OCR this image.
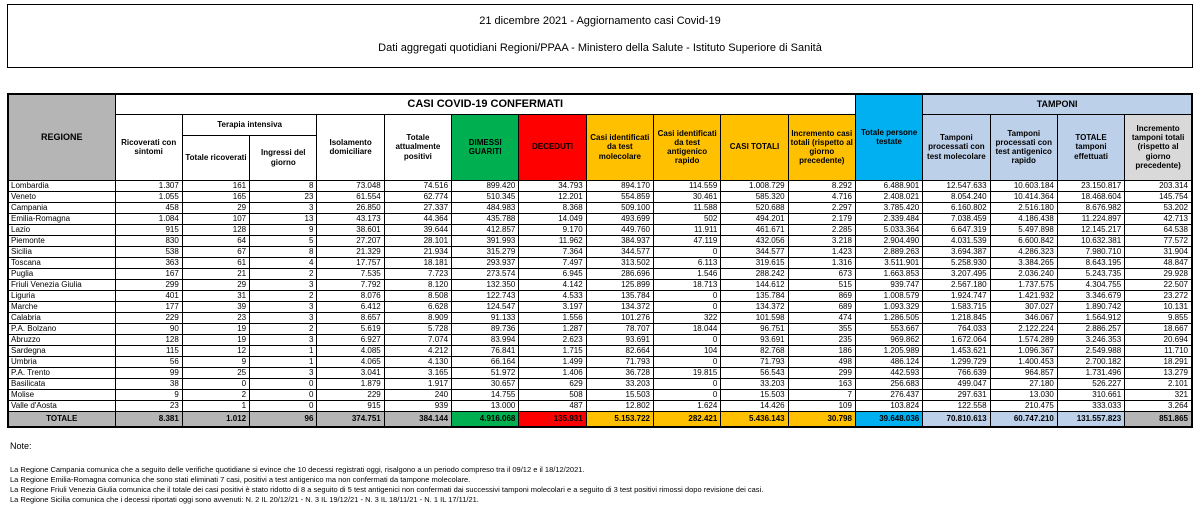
21 dicembre 2021 - Aggiornamento casi Covid-19
Dati aggregati quotidiani Regioni/PPAA - Ministero della Salute - Istituto Superiore di Sanità
REGIONE	CASI COVID-19 CONFERMATI											Totale persone testate	TAMPONI			
	Ricoverati con sintomi	Terapia intensiva		Isolamento domiciliare	Totale attualmente positivi	DIMESSI GUARITI	DECEDUTI	Casi identificati da test molecolare	Casi identificati da test antigenico rapido	CASI TOTALI	Incremento casi totali (rispetto al giorno precedente)		Tamponi processati con test molecolare	Tamponi processati con test antigenico rapido	TOTALE tamponi effettuati	Incremento tamponi totali (rispetto al giorno precedente)
		Totale ricoverati	Ingressi del giorno													
Lombardia	1.307	161	8	73.048	74.516	899.420	34.793	894.170	114.559	1.008.729	8.292	6.488.901	12.547.633	10.603.184	23.150.817	203.314
Veneto	1.055	165	23	61.554	62.774	510.345	12.201	554.859	30.461	585.320	4.716	2.408.021	8.054.240	10.414.364	18.468.604	145.754
Campania	458	29	3	26.850	27.337	484.983	8.368	509.100	11.588	520.688	2.297	3.785.420	6.160.802	2.516.180	8.676.982	53.202
Emilia-Romagna	1.084	107	13	43.173	44.364	435.788	14.049	493.699	502	494.201	2.179	2.339.484	7.038.459	4.186.438	11.224.897	42.713
Lazio	915	128	9	38.601	39.644	412.857	9.170	449.760	11.911	461.671	2.285	5.033.364	6.647.319	5.497.898	12.145.217	64.538
Piemonte	830	64	5	27.207	28.101	391.993	11.962	384.937	47.119	432.056	3.218	2.904.490	4.031.539	6.600.842	10.632.381	77.572
Sicilia	538	67	8	21.329	21.934	315.279	7.364	344.577	0	344.577	1.423	2.889.263	3.694.387	4.286.323	7.980.710	31.904
Toscana	363	61	4	17.757	18.181	293.937	7.497	313.502	6.113	319.615	1.316	3.511.901	5.258.930	3.384.265	8.643.195	48.847
Puglia	167	21	2	7.535	7.723	273.574	6.945	286.696	1.546	288.242	673	1.663.853	3.207.495	2.036.240	5.243.735	29.928
Friuli Venezia Giulia	299	29	3	7.792	8.120	132.350	4.142	125.899	18.713	144.612	515	939.747	2.567.180	1.737.575	4.304.755	22.507
Liguria	401	31	2	8.076	8.508	122.743	4.533	135.784	0	135.784	869	1.008.579	1.924.747	1.421.932	3.346.679	23.272
Marche	177	39	3	6.412	6.628	124.547	3.197	134.372	0	134.372	689	1.093.329	1.583.715	307.027	1.890.742	10.131
Calabria	229	23	3	8.657	8.909	91.133	1.556	101.276	322	101.598	474	1.286.505	1.218.845	346.067	1.564.912	9.855
P.A. Bolzano	90	19	2	5.619	5.728	89.736	1.287	78.707	18.044	96.751	355	553.667	764.033	2.122.224	2.886.257	18.667
Abruzzo	128	19	3	6.927	7.074	83.994	2.623	93.691	0	93.691	235	969.862	1.672.064	1.574.289	3.246.353	20.694
Sardegna	115	12	1	4.085	4.212	76.841	1.715	82.664	104	82.768	186	1.205.989	1.453.621	1.096.367	2.549.988	11.710
Umbria	56	9	1	4.065	4.130	66.164	1.499	71.793	0	71.793	498	486.124	1.299.729	1.400.453	2.700.182	18.291
P.A. Trento	99	25	3	3.041	3.165	51.972	1.406	36.728	19.815	56.543	299	442.593	766.639	964.857	1.731.496	13.279
Basilicata	38	0	0	1.879	1.917	30.657	629	33.203	0	33.203	163	256.683	499.047	27.180	526.227	2.101
Molise	9	2	0	229	240	14.755	508	15.503	0	15.503	7	276.437	297.631	13.030	310.661	321
Valle d'Aosta	23	1	0	915	939	13.000	487	12.802	1.624	14.426	109	103.824	122.558	210.475	333.033	3.264
TOTALE	8.381	1.012	96	374.751	384.144	4.916.068	135.931	5.153.722	282.421	5.436.143	30.798	39.648.036	70.810.613	60.747.210	131.557.823	851.865
Note:
La Regione Campania comunica che a seguito delle verifiche quotidiane si evince che 10 decessi registrati oggi, risalgono a un periodo compreso tra il 09/12 e il 18/12/2021.
La Regione Emilia-Romagna comunica che sono stati eliminati 7 casi, positivi a test antigenico ma non confermati da tampone molecolare.
La Regione Friuli Venezia Giulia comunica che il totale dei casi positivi è stato ridotto di 8 a seguito di 5 test antigenici non confermati dai successivi tamponi molecolari e a seguito di 3 test positivi rimossi dopo revisione dei casi.
La Regione Sicilia comunica che i decessi riportati oggi sono avvenuti: N. 2 IL 20/12/21 - N. 3 IL 19/12/21 - N. 3 IL 18/11/21 - N. 1 IL 17/11/21.
